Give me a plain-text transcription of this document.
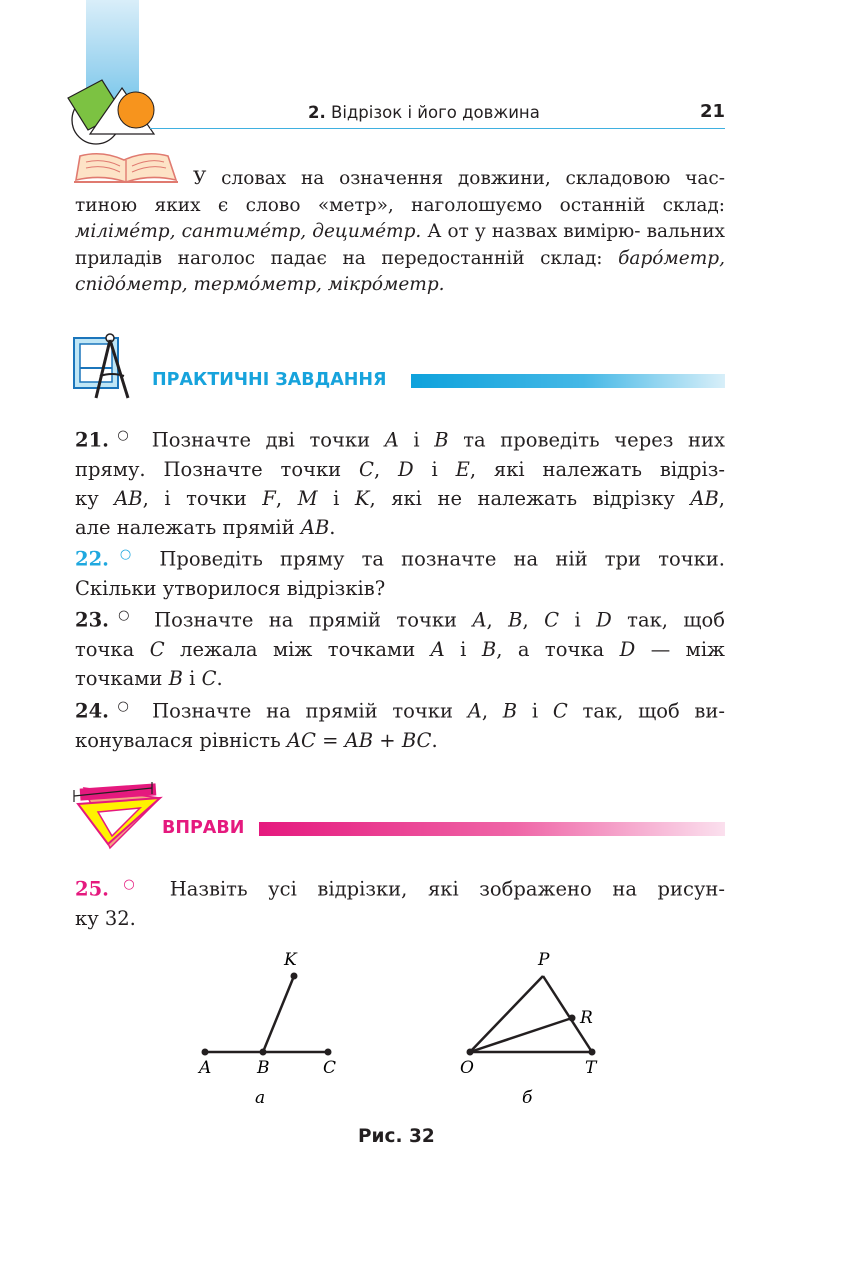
2. Відрізок і його довжина	21
У словах на означення довжини, складовою час- тиною яких є слово «метр», наголошуємо останній склад: мілімéтр, сантимéтр, децимéтр. А от у назвах вимірю- вальних приладів наголос падає на передостанній склад: барóметр, спідóметр, термóметр, мікрóметр.
ПРАКТИЧНІ ЗАВДАННЯ
21.○ Позначте дві точки A і B та проведіть через них
пряму. Позначте точки C, D і E, які належать відріз-
ку AB, і точки F, M і K, які не належать відрізку AB,
але належать прямій AB.
22.○ Проведіть пряму та позначте на ній три точки.
Скільки утворилося відрізків?
23.○ Позначте на прямій точки A, B, C і D так, щоб
точка C лежала між точками A і B, а точка D — між
точками B і C.
24.○ Позначте на прямій точки A, B і C так, щоб ви-
конувалася рівність AC = AB + BC.
ВПРАВИ
25.○ Назвіть усі відрізки, які зображено на рисун-
ку 32.
A	B	C
K
а
O
P
R
T
б
Рис. 32
